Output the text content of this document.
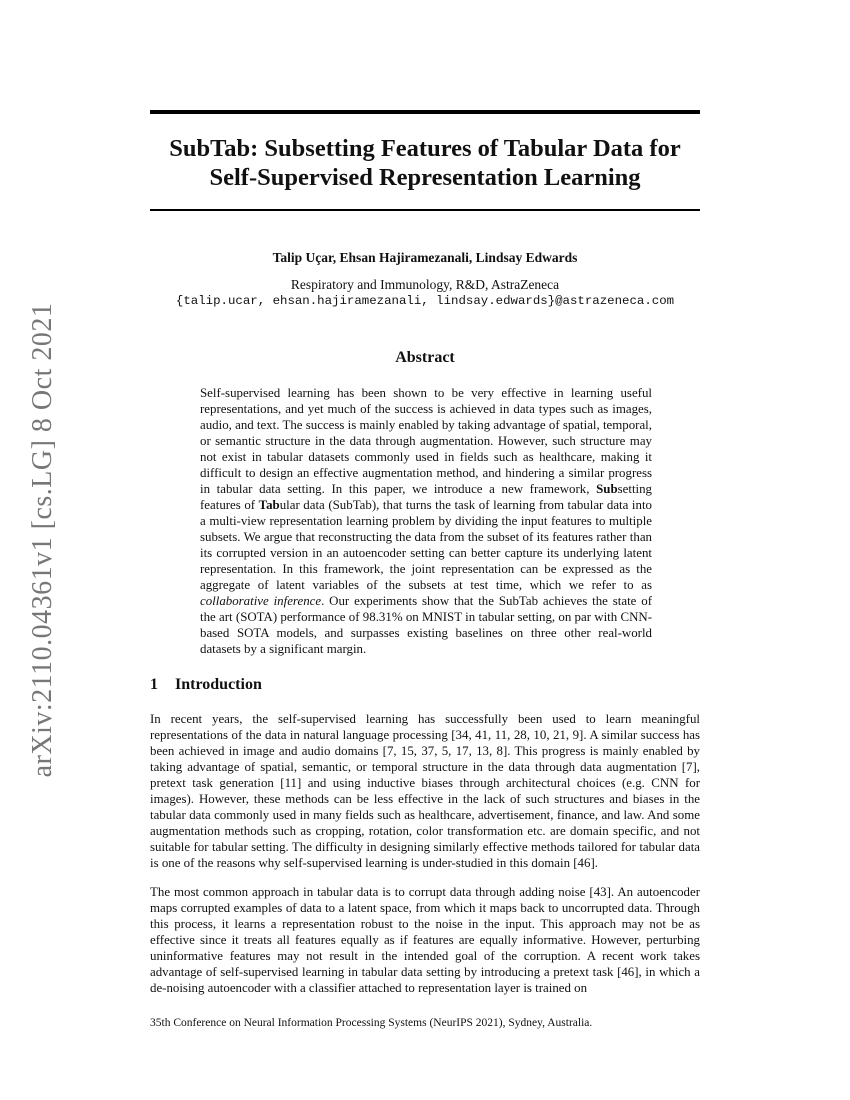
arXiv:2110.04361v1 [cs.LG] 8 Oct 2021
SubTab: Subsetting Features of Tabular Data for
Self-Supervised Representation Learning
Talip Uçar, Ehsan Hajiramezanali, Lindsay Edwards
Respiratory and Immunology, R&D, AstraZeneca
{talip.ucar, ehsan.hajiramezanali, lindsay.edwards}@astrazeneca.com
Abstract
Self-supervised learning has been shown to be very effective in learning useful representations, and yet much of the success is achieved in data types such as images, audio, and text. The success is mainly enabled by taking advantage of spatial, temporal, or semantic structure in the data through augmentation. However, such structure may not exist in tabular datasets commonly used in fields such as healthcare, making it difficult to design an effective augmentation method, and hindering a similar progress in tabular data setting. In this paper, we introduce a new framework, Subsetting features of Tabular data (SubTab), that turns the task of learning from tabular data into a multi-view representation learning problem by dividing the input features to multiple subsets. We argue that reconstructing the data from the subset of its features rather than its corrupted version in an autoencoder setting can better capture its underlying latent representation. In this framework, the joint representation can be expressed as the aggregate of latent variables of the subsets at test time, which we refer to as collaborative inference. Our experiments show that the SubTab achieves the state of the art (SOTA) performance of 98.31% on MNIST in tabular setting, on par with CNN-based SOTA models, and surpasses existing baselines on three other real-world datasets by a significant margin.
1 Introduction
In recent years, the self-supervised learning has successfully been used to learn meaningful representations of the data in natural language processing [34, 41, 11, 28, 10, 21, 9]. A similar success has been achieved in image and audio domains [7, 15, 37, 5, 17, 13, 8]. This progress is mainly enabled by taking advantage of spatial, semantic, or temporal structure in the data through data augmentation [7], pretext task generation [11] and using inductive biases through architectural choices (e.g. CNN for images). However, these methods can be less effective in the lack of such structures and biases in the tabular data commonly used in many fields such as healthcare, advertisement, finance, and law. And some augmentation methods such as cropping, rotation, color transformation etc. are domain specific, and not suitable for tabular setting. The difficulty in designing similarly effective methods tailored for tabular data is one of the reasons why self-supervised learning is under-studied in this domain [46].
The most common approach in tabular data is to corrupt data through adding noise [43]. An autoencoder maps corrupted examples of data to a latent space, from which it maps back to uncorrupted data. Through this process, it learns a representation robust to the noise in the input. This approach may not be as effective since it treats all features equally as if features are equally informative. However, perturbing uninformative features may not result in the intended goal of the corruption. A recent work takes advantage of self-supervised learning in tabular data setting by introducing a pretext task [46], in which a de-noising autoencoder with a classifier attached to representation layer is trained on
35th Conference on Neural Information Processing Systems (NeurIPS 2021), Sydney, Australia.
